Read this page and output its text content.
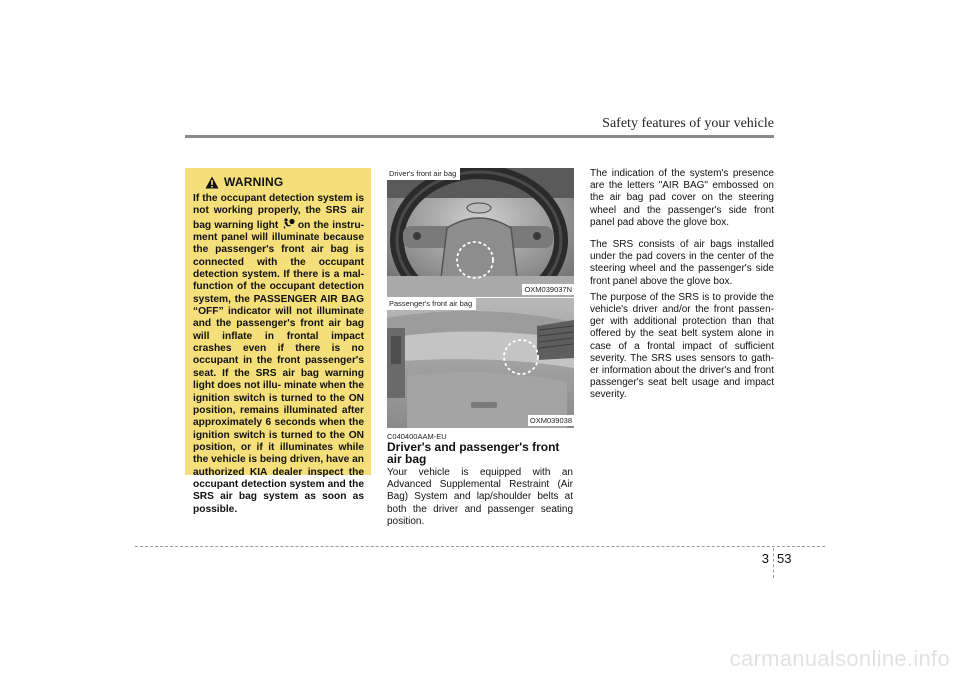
Safety features of your vehicle
WARNING
If the occupant detection system is not working properly, the SRS air bag warning light on the instru- ment panel will illuminate because the passenger's front air bag is connected with the occupant detection system. If there is a mal- function of the occupant detection system, the PASSENGER AIR BAG “OFF” indicator will not illuminate and the passenger's front air bag will inflate in frontal impact crashes even if there is no occupant in the front passenger's seat. If the SRS air bag warning light does not illu- minate when the ignition switch is turned to the ON position, remains illuminated after approximately 6 seconds when the ignition switch is turned to the ON position, or if it illuminates while the vehicle is being driven, have an authorized KIA dealer inspect the occupant detection system and the SRS air bag system as soon as possible.
Driver's front air bag
OXM039037N
Passenger's front air bag
OXM039038
C040400AAM-EU
Driver's and passenger's front air bag
Your vehicle is equipped with an Advanced Supplemental Restraint (Air Bag) System and lap/shoulder belts at both the driver and passenger seating position.

The indication of the system's presence are the letters "AIR BAG" embossed on the air bag pad cover on the steering wheel and the passenger's side front panel pad above the glove box.

The SRS consists of air bags installed under the pad covers in the center of the steering wheel and the passenger's side front panel above the glove box.

The purpose of the SRS is to provide the vehicle's driver and/or the front passen- ger with additional protection than that offered by the seat belt system alone in case of a frontal impact of sufficient severity. The SRS uses sensors to gath- er information about the driver's and front passenger's seat belt usage and impact severity.

3 53
carmanualsonline.info
